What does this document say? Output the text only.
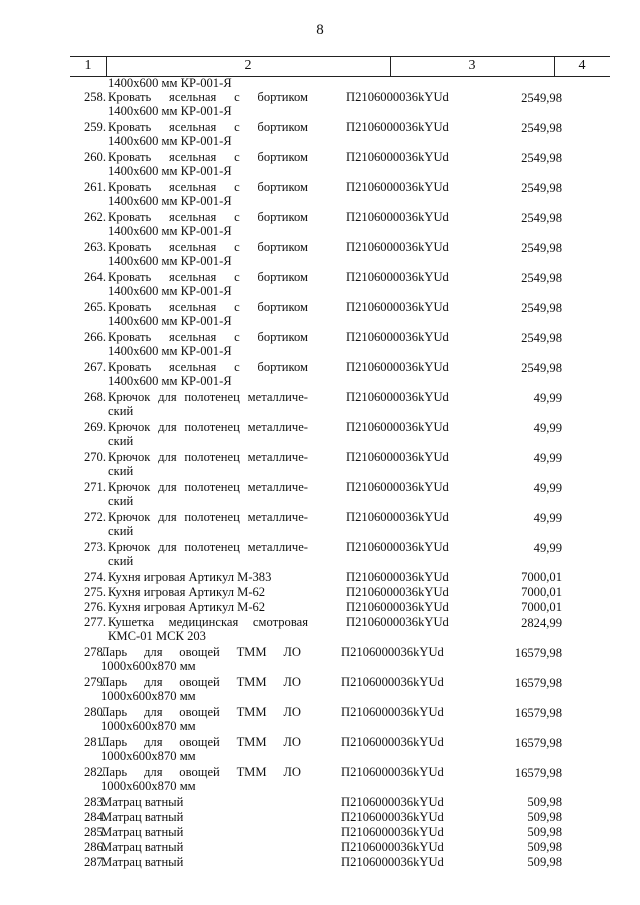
8
1	2	3	4
1400x600 мм КР-001-Я
258. Кровать ясельная с бортиком
1400x600 мм КР-001-Я
П2106000036kYUd	2549,98
259. Кровать ясельная с бортиком
1400x600 мм КР-001-Я
П2106000036kYUd	2549,98
260. Кровать ясельная с бортиком
1400x600 мм КР-001-Я
П2106000036kYUd	2549,98
261. Кровать ясельная с бортиком
1400x600 мм КР-001-Я
П2106000036kYUd	2549,98
262. Кровать ясельная с бортиком
1400x600 мм КР-001-Я
П2106000036kYUd	2549,98
263. Кровать ясельная с бортиком
1400x600 мм КР-001-Я
П2106000036kYUd	2549,98
264. Кровать ясельная с бортиком
1400x600 мм КР-001-Я
П2106000036kYUd	2549,98
265. Кровать ясельная с бортиком
1400x600 мм КР-001-Я
П2106000036kYUd	2549,98
266. Кровать ясельная с бортиком
1400x600 мм КР-001-Я
П2106000036kYUd	2549,98
267. Кровать ясельная с бортиком
1400x600 мм КР-001-Я
П2106000036kYUd	2549,98
268. Крючок для полотенец металличе-
ский
П2106000036kYUd	49,99
269. Крючок для полотенец металличе-
ский
П2106000036kYUd	49,99
270. Крючок для полотенец металличе-
ский
П2106000036kYUd	49,99
271. Крючок для полотенец металличе-
ский
П2106000036kYUd	49,99
272. Крючок для полотенец металличе-
ский
П2106000036kYUd	49,99
273. Крючок для полотенец металличе-
ский
П2106000036kYUd	49,99
274. Кухня игровая Артикул М-383	П2106000036kYUd	7000,01
275. Кухня игровая Артикул М-62	П2106000036kYUd	7000,01
276. Кухня игровая Артикул М-62	П2106000036kYUd	7000,01
277. Кушетка медицинская смотровая
КМС-01 МСК 203
П2106000036kYUd	2824,99
278.
Ларь для овощей ТММ ЛО
1000x600x870 мм
П2106000036kYUd	16579,98
279.
Ларь для овощей ТММ ЛО
1000x600x870 мм
П2106000036kYUd	16579,98
280.
Ларь для овощей ТММ ЛО
1000x600x870 мм
П2106000036kYUd	16579,98
281.
Ларь для овощей ТММ ЛО
1000x600x870 мм
П2106000036kYUd	16579,98
282.
Ларь для овощей ТММ ЛО
1000x600x870 мм
П2106000036kYUd	16579,98
283.
Матрац ватный	П2106000036kYUd	509,98
284.
Матрац ватный	П2106000036kYUd	509,98
285.
Матрац ватный	П2106000036kYUd	509,98
286.
Матрац ватный	П2106000036kYUd	509,98
287.
Матрац ватный	П2106000036kYUd	509,98
